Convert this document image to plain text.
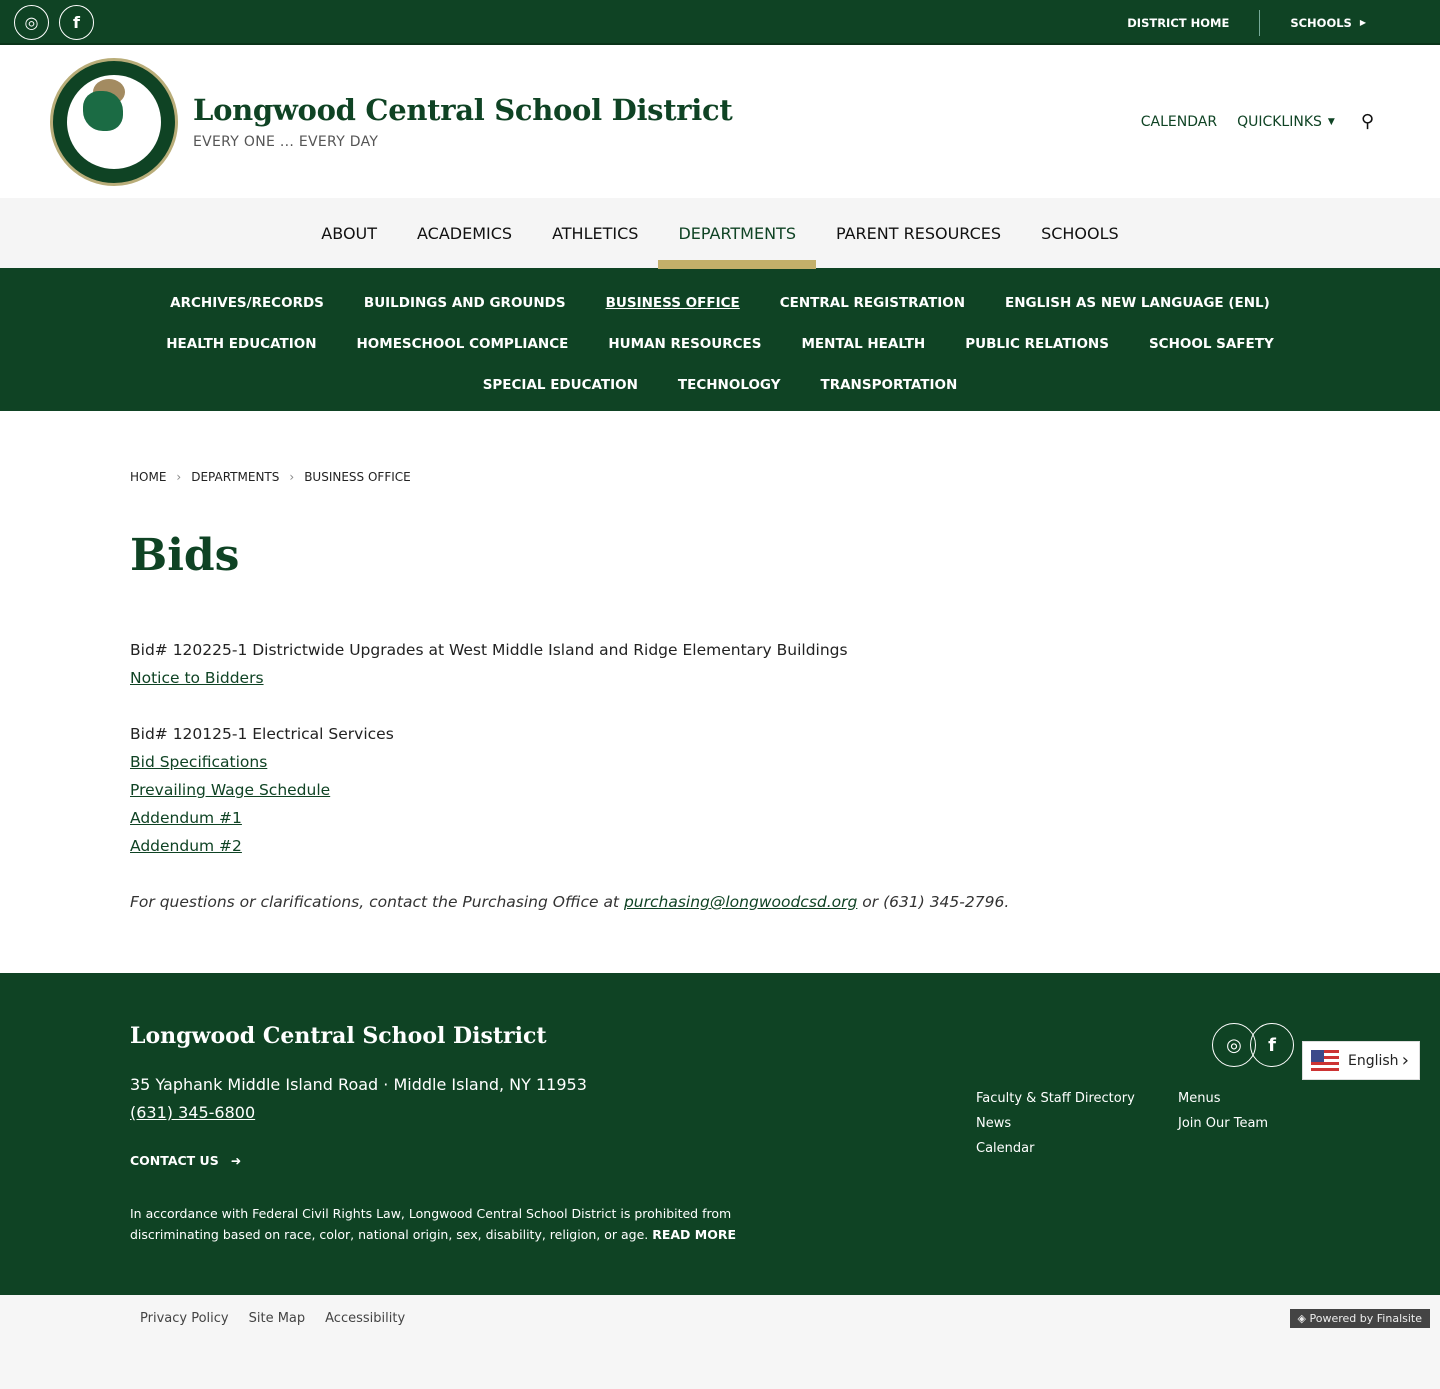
◎	f	DISTRICT HOME	SCHOOLS ▶
Longwood Central School District
EVERY ONE ... EVERY DAY
CALENDAR QUICKLINKS ▼ ⚲
ABOUT	ACADEMICS	ATHLETICS	DEPARTMENTS	PARENT RESOURCES	SCHOOLS
ARCHIVES/RECORDS	BUILDINGS AND GROUNDS	BUSINESS OFFICE	CENTRAL REGISTRATION	ENGLISH AS NEW LANGUAGE (ENL)
HEALTH EDUCATION	HOMESCHOOL COMPLIANCE	HUMAN RESOURCES	MENTAL HEALTH	PUBLIC RELATIONS	SCHOOL SAFETY
SPECIAL EDUCATION	TECHNOLOGY	TRANSPORTATION
HOME › DEPARTMENTS › BUSINESS OFFICE
Bids
Bid# 120225-1 Districtwide Upgrades at West Middle Island and Ridge Elementary Buildings
Notice to Bidders
Bid# 120125-1 Electrical Services
Bid Specifications
Prevailing Wage Schedule
Addendum #1
Addendum #2
For questions or clarifications, contact the Purchasing Office at purchasing@longwoodcsd.org or (631) 345-2796.
Longwood Central School District
35 Yaphank Middle Island Road · Middle Island, NY 11953
(631) 345-6800
CONTACT US ➜
In accordance with Federal Civil Rights Law, Longwood Central School District is prohibited from discriminating based on race, color, national origin, sex, disability, religion, or age. READ MORE
◎	f
Faculty & Staff Directory	Menus
News	Join Our Team
Calendar
English ›
Privacy Policy Site Map Accessibility	◈ Powered by Finalsite
